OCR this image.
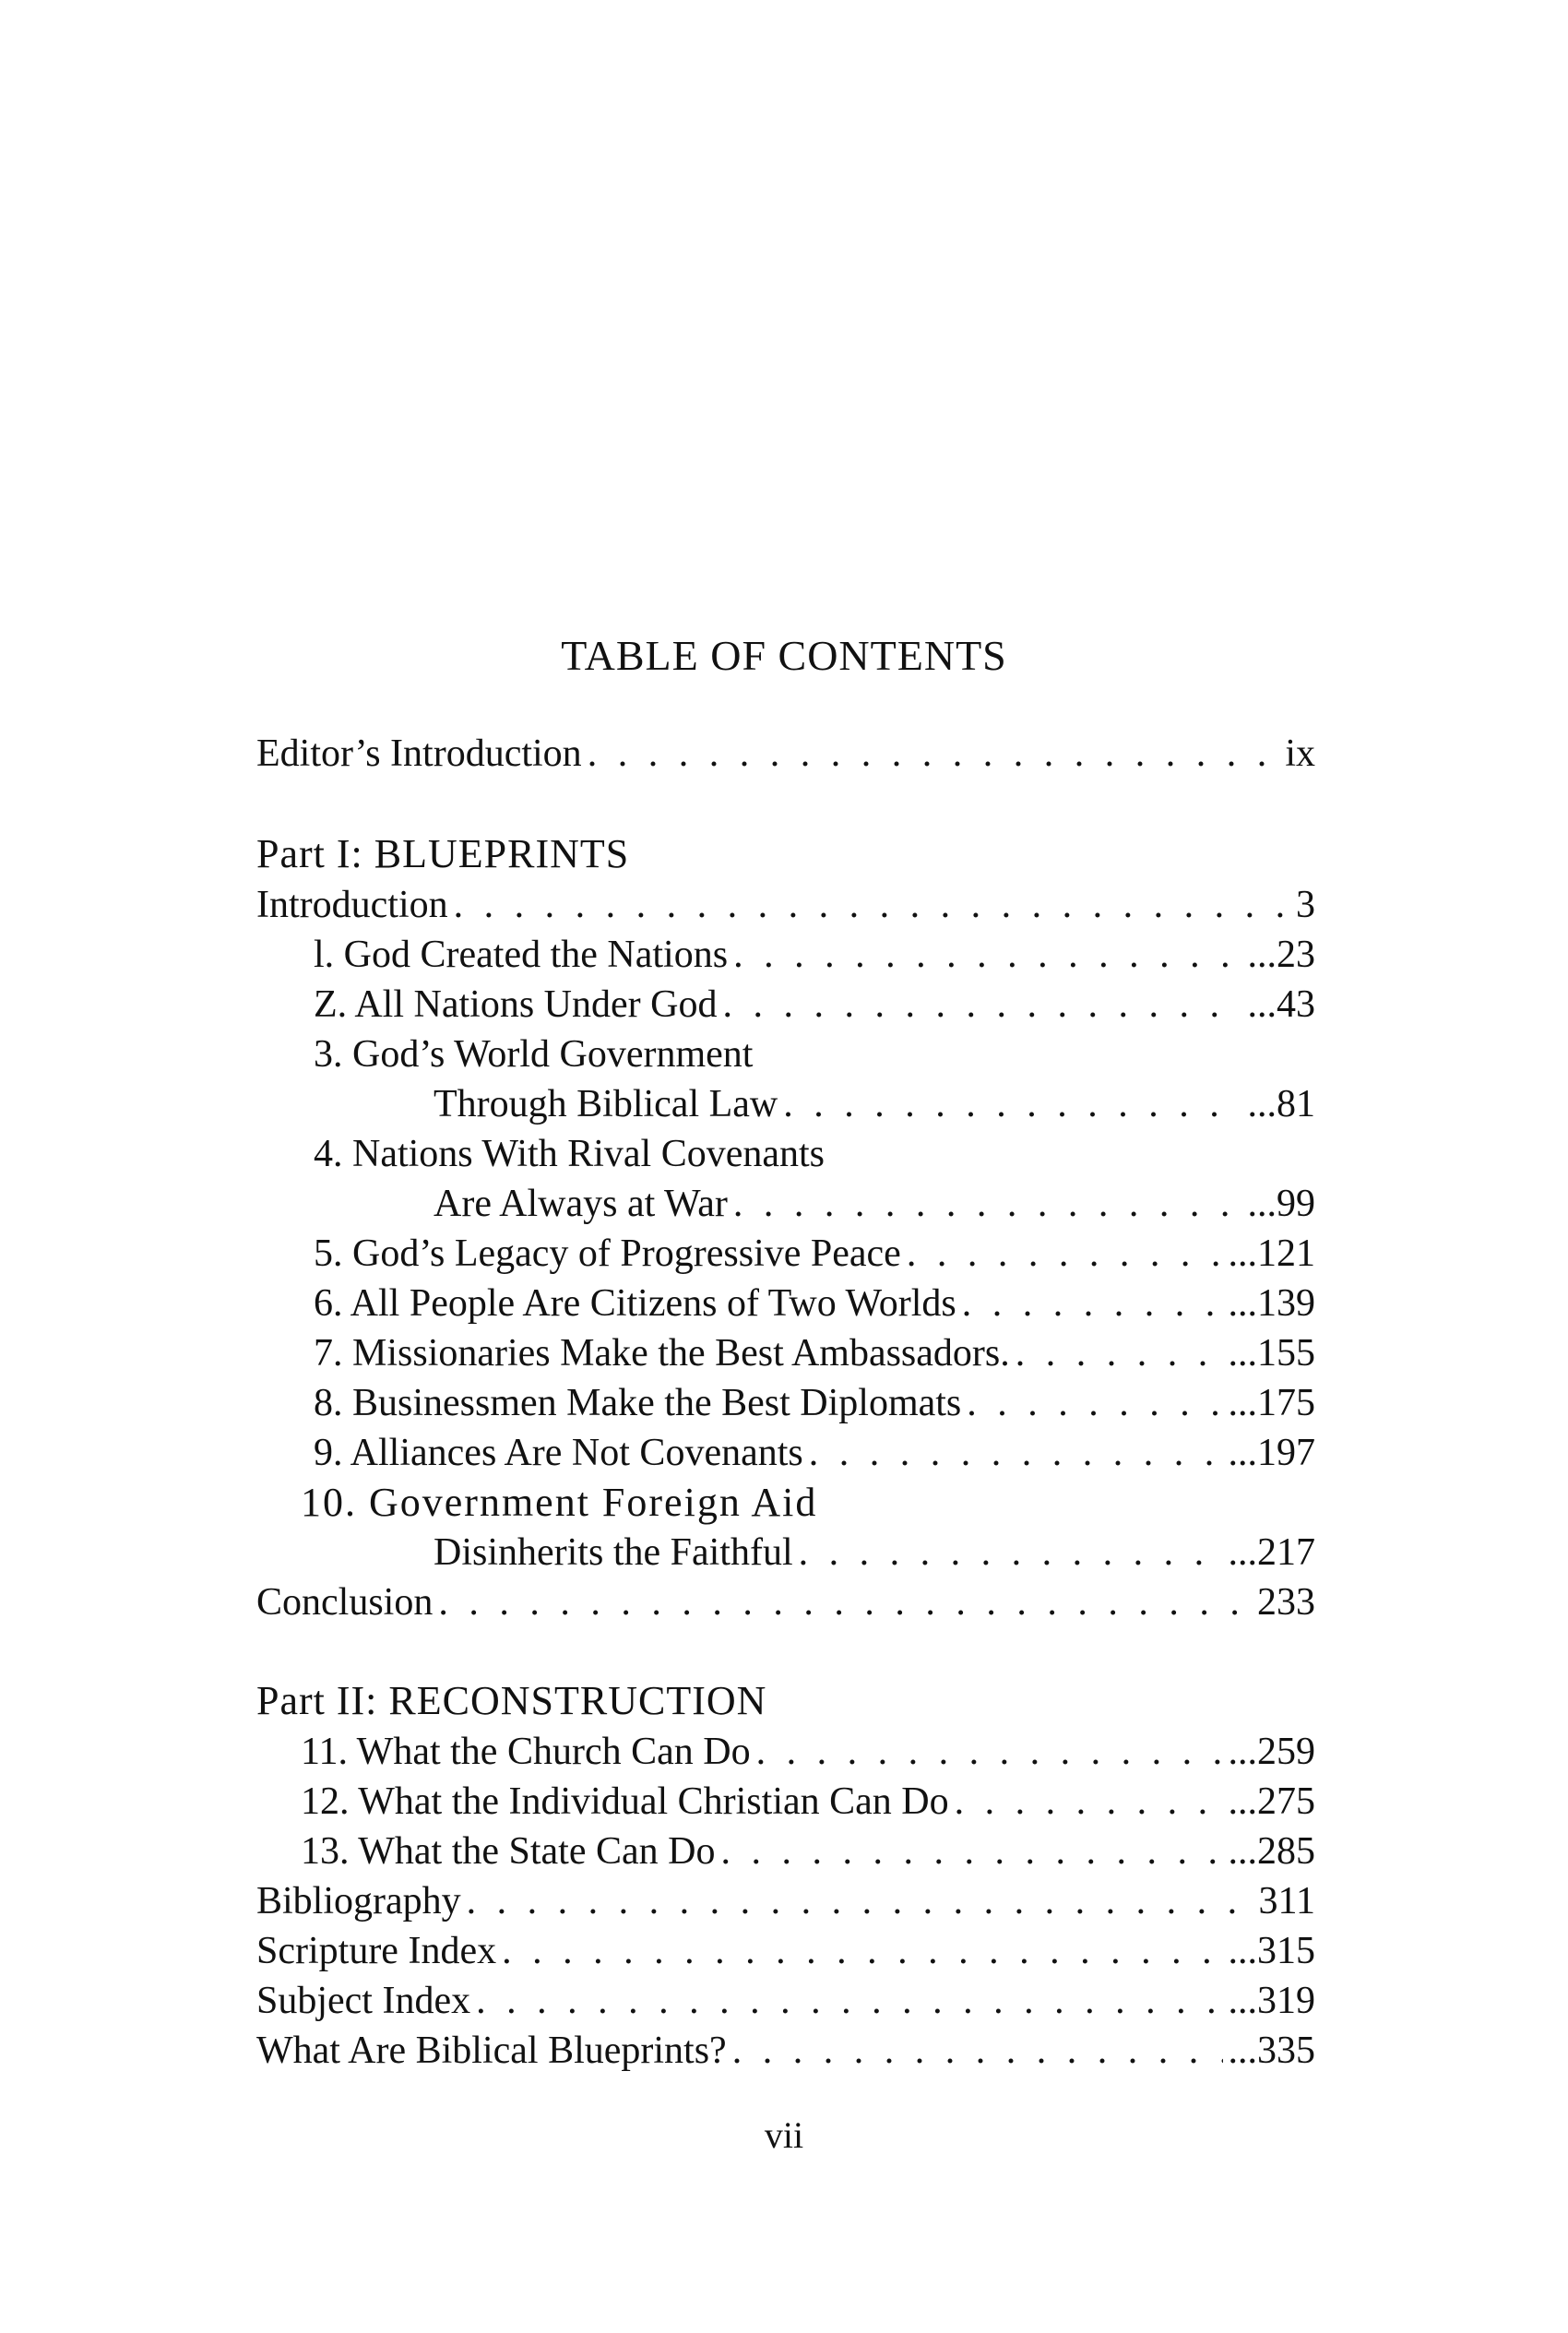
TABLE OF CONTENTS
Editor’s Introduction . . .	ix
Part I: BLUEPRINTS
Introduction . . .	3
l. God Created the Nations . . .	...23
Z. All Nations Under God . . .	...43
3. God’s World Government
Through Biblical Law . . .	...81
4. Nations With Rival Covenants
Are Always at War . . .	...99
5. God’s Legacy of Progressive Peace . . .	...121
6. All People Are Citizens of Two Worlds . . .	...139
7. Missionaries Make the Best Ambassadors. . . .	...155
8. Businessmen Make the Best Diplomats . . .	...175
9. Alliances Are Not Covenants . . .	...197
10. Government Foreign Aid
Disinherits the Faithful . . .	...217
Conclusion . . .	233
Part II: RECONSTRUCTION
11. What the Church Can Do . . .	...259
12. What the Individual Christian Can Do . . .	...275
13. What the State Can Do . . .	...285
Bibliography . . .	311
Scripture Index . . .	...315
Subject Index . . .	...319
What Are Biblical Blueprints? . . .	...335
vii
